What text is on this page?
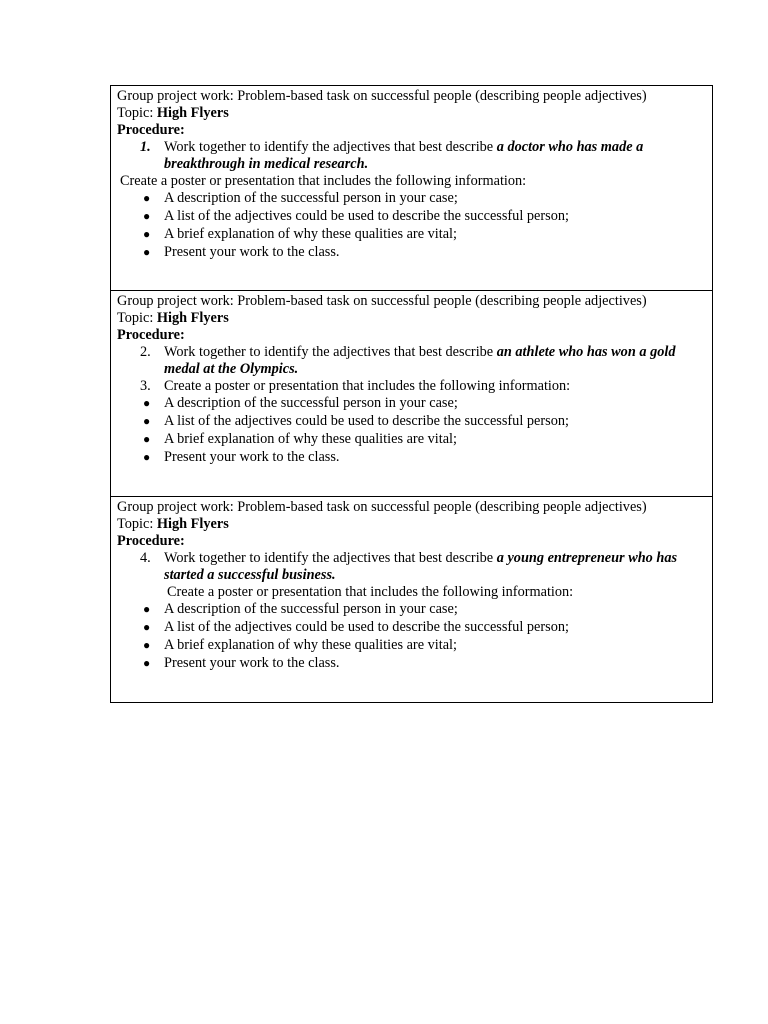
Group project work: Problem-based task on successful people (describing people adjectives)
Topic: High Flyers
Procedure:
1. Work together to identify the adjectives that best describe a doctor who has made a breakthrough in medical research.
Create a poster or presentation that includes the following information:
● A description of the successful person in your case;
● A list of the adjectives could be used to describe the successful person;
● A brief explanation of why these qualities are vital;
● Present your work to the class.

Group project work: Problem-based task on successful people (describing people adjectives)
Topic: High Flyers
Procedure:
2. Work together to identify the adjectives that best describe an athlete who has won a gold medal at the Olympics.
3. Create a poster or presentation that includes the following information:
● A description of the successful person in your case;
● A list of the adjectives could be used to describe the successful person;
● A brief explanation of why these qualities are vital;
● Present your work to the class.

Group project work: Problem-based task on successful people (describing people adjectives)
Topic: High Flyers
Procedure:
4. Work together to identify the adjectives that best describe a young entrepreneur who has started a successful business.
Create a poster or presentation that includes the following information:
● A description of the successful person in your case;
● A list of the adjectives could be used to describe the successful person;
● A brief explanation of why these qualities are vital;
● Present your work to the class.
